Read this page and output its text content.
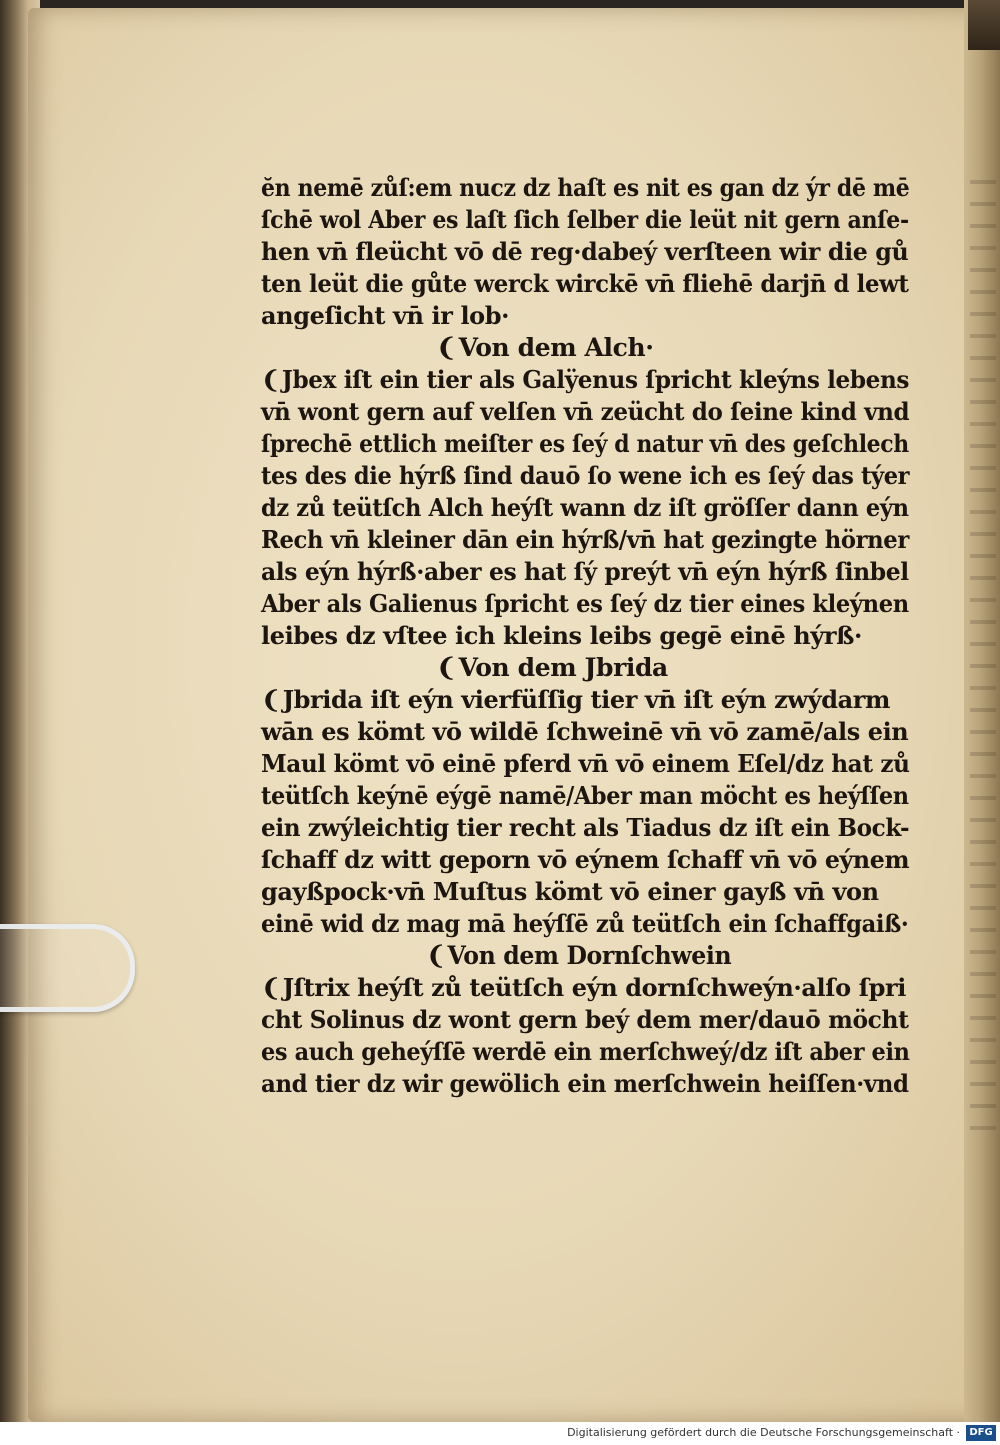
ĕn nemē zůſ:em nucz dz haſt es nit es gan dz ýr dē mē
ſchē wol Aber es laſt ſich ſelber die leüt nit gern anſe-
hen vn̄ fleücht vō dē reg·dabeý verſteen wir die gů
ten leüt die gůte werck wirckē vn̄ fliehē darjn̄ d lewt
angeſicht vn̄ ir lob·
❨Von dem Alch·
❨Jbex iſt ein tier als Galÿenus ſpricht kleýns lebens
vn̄ wont gern auf velſen vn̄ zeücht do ſeine kind vnd
ſprechē ettlich meiſter es ſeý d natur vn̄ des geſchlech
tes des die hýrß ſind dauō ſo wene ich es ſeý das týer
dz zů teütſch Alch heýſt wann dz iſt gröſſer dann eýn
Rech vn̄ kleiner dān ein hýrß/vn̄ hat gezingte hörner
als eýn hýrß·aber es hat ſý preýt vn̄ eýn hýrß ſinbel
Aber als Galienus ſpricht es ſeý dz tier eines kleýnen
leibes dz vſtee ich kleins leibs gegē einē hýrß·
❨Von dem Jbrida
❨Jbrida iſt eýn vierfüſſig tier vn̄ iſt eýn zwýdarm
wān es kömt vō wildē ſchweinē vn̄ vō zamē/als ein
Maul kömt vō einē pferd vn̄ vō einem Eſel/dz hat zů
teütſch keýnē eýgē namē/Aber man möcht es heýſſen
ein zwýleichtig tier recht als Tiadus dz iſt ein Bock-
ſchaff dz witt geporn vō eýnem ſchaff vn̄ vō eýnem
gayßpock·vn̄ Muſtus kömt vō einer gayß vn̄ von
einē wid dz mag mā heýſſē zů teütſch ein ſchaffgaiß·
❨Von dem Dornſchwein
❨Jſtrix heýſt zů teütſch eýn dornſchweýn·alſo ſpri
cht Solinus dz wont gern beý dem mer/dauō möcht
es auch geheýſſē werdē ein merſchweý/dz iſt aber ein
and tier dz wir gewölich ein merſchwein heiſſen·vnd
Digitalisierung gefördert durch die Deutsche Forschungsgemeinschaft · DFG
